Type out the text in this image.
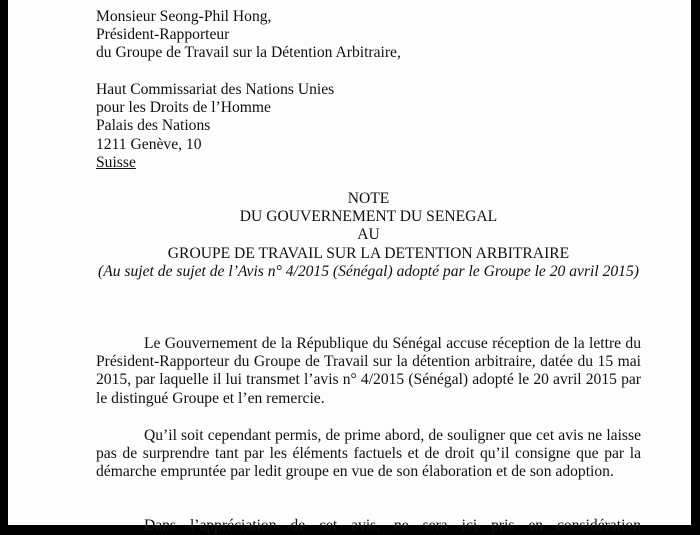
Monsieur Seong-Phil Hong,
Président-Rapporteur
du Groupe de Travail sur la Détention Arbitraire,
Haut Commissariat des Nations Unies
pour les Droits de l’Homme
Palais des Nations
1211 Genève, 10
Suisse
NOTE
DU GOUVERNEMENT DU SENEGAL
AU
GROUPE DE TRAVAIL SUR LA DETENTION ARBITRAIRE
(Au sujet de sujet de l’Avis n° 4/2015 (Sénégal) adopté par le Groupe le 20 avril 2015)

Le Gouvernement de la République du Sénégal accuse réception de la lettre du Président-Rapporteur du Groupe de Travail sur la détention arbitraire, datée du 15 mai 2015, par laquelle il lui transmet l’avis n° 4/2015 (Sénégal) adopté le 20 avril 2015 par le distingué Groupe et l’en remercie.

Qu’il soit cependant permis, de prime abord, de souligner que cet avis ne laisse pas de surprendre tant par les éléments factuels et de droit qu’il consigne que par la démarche empruntée par ledit groupe en vue de son élaboration et de son adoption.

Dans l’appréciation de cet avis, ne sera ici pris en considération
